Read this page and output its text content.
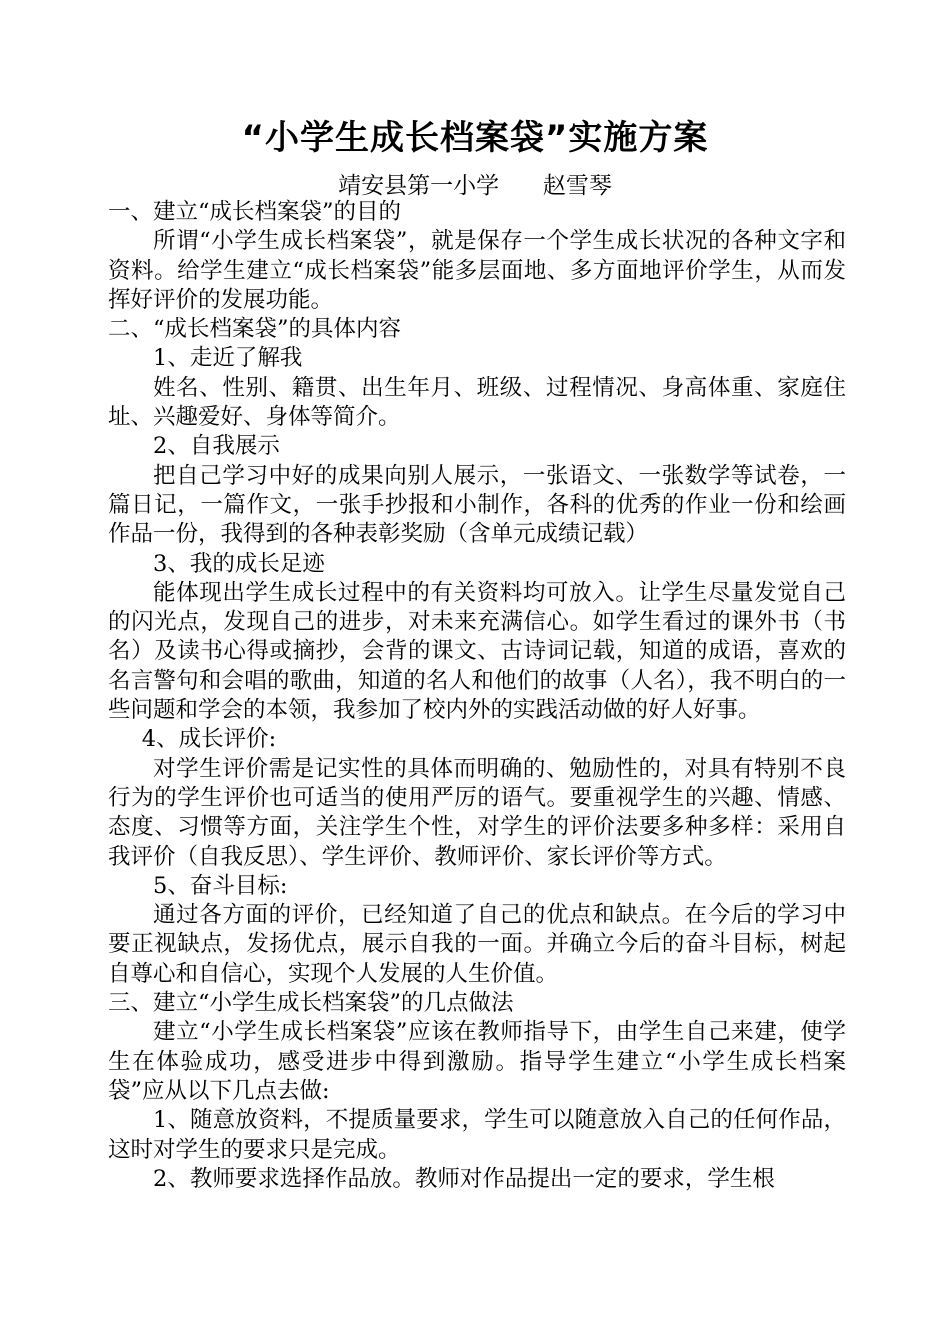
“小学生成长档案袋”实施方案
靖安县第一小学      赵雪琴

一、建立“成长档案袋”的目的

所谓“小学生成长档案袋”，就是保存一个学生成长状况的各种文字和资料。给学生建立“成长档案袋”能多层面地、多方面地评价学生，从而发挥好评价的发展功能。

二、“成长档案袋”的具体内容

1、走近了解我

姓名、性别、籍贯、出生年月、班级、过程情况、身高体重、家庭住址、兴趣爱好、身体等简介。

2、自我展示

把自己学习中好的成果向别人展示，一张语文、一张数学等试卷，一篇日记，一篇作文，一张手抄报和小制作，各科的优秀的作业一份和绘画作品一份，我得到的各种表彰奖励（含单元成绩记载）

3、我的成长足迹

能体现出学生成长过程中的有关资料均可放入。让学生尽量发觉自己的闪光点，发现自己的进步，对未来充满信心。如学生看过的课外书（书名）及读书心得或摘抄，会背的课文、古诗词记载，知道的成语，喜欢的名言警句和会唱的歌曲，知道的名人和他们的故事（人名），我不明白的一些问题和学会的本领，我参加了校内外的实践活动做的好人好事。

4、成长评价:

对学生评价需是记实性的具体而明确的、勉励性的，对具有特别不良行为的学生评价也可适当的使用严厉的语气。要重视学生的兴趣、情感、态度、习惯等方面，关注学生个性，对学生的评价法要多种多样：采用自我评价（自我反思）、学生评价、教师评价、家长评价等方式。

5、奋斗目标:

通过各方面的评价，已经知道了自己的优点和缺点。在今后的学习中要正视缺点，发扬优点，展示自我的一面。并确立今后的奋斗目标，树起自尊心和自信心，实现个人发展的人生价值。

三、建立“小学生成长档案袋”的几点做法

建立“小学生成长档案袋”应该在教师指导下，由学生自己来建，使学生在体验成功，感受进步中得到激励。指导学生建立“小学生成长档案袋”应从以下几点去做:

1、随意放资料，不提质量要求，学生可以随意放入自己的任何作品，这时对学生的要求只是完成。

2、教师要求选择作品放。教师对作品提出一定的要求，学生根
